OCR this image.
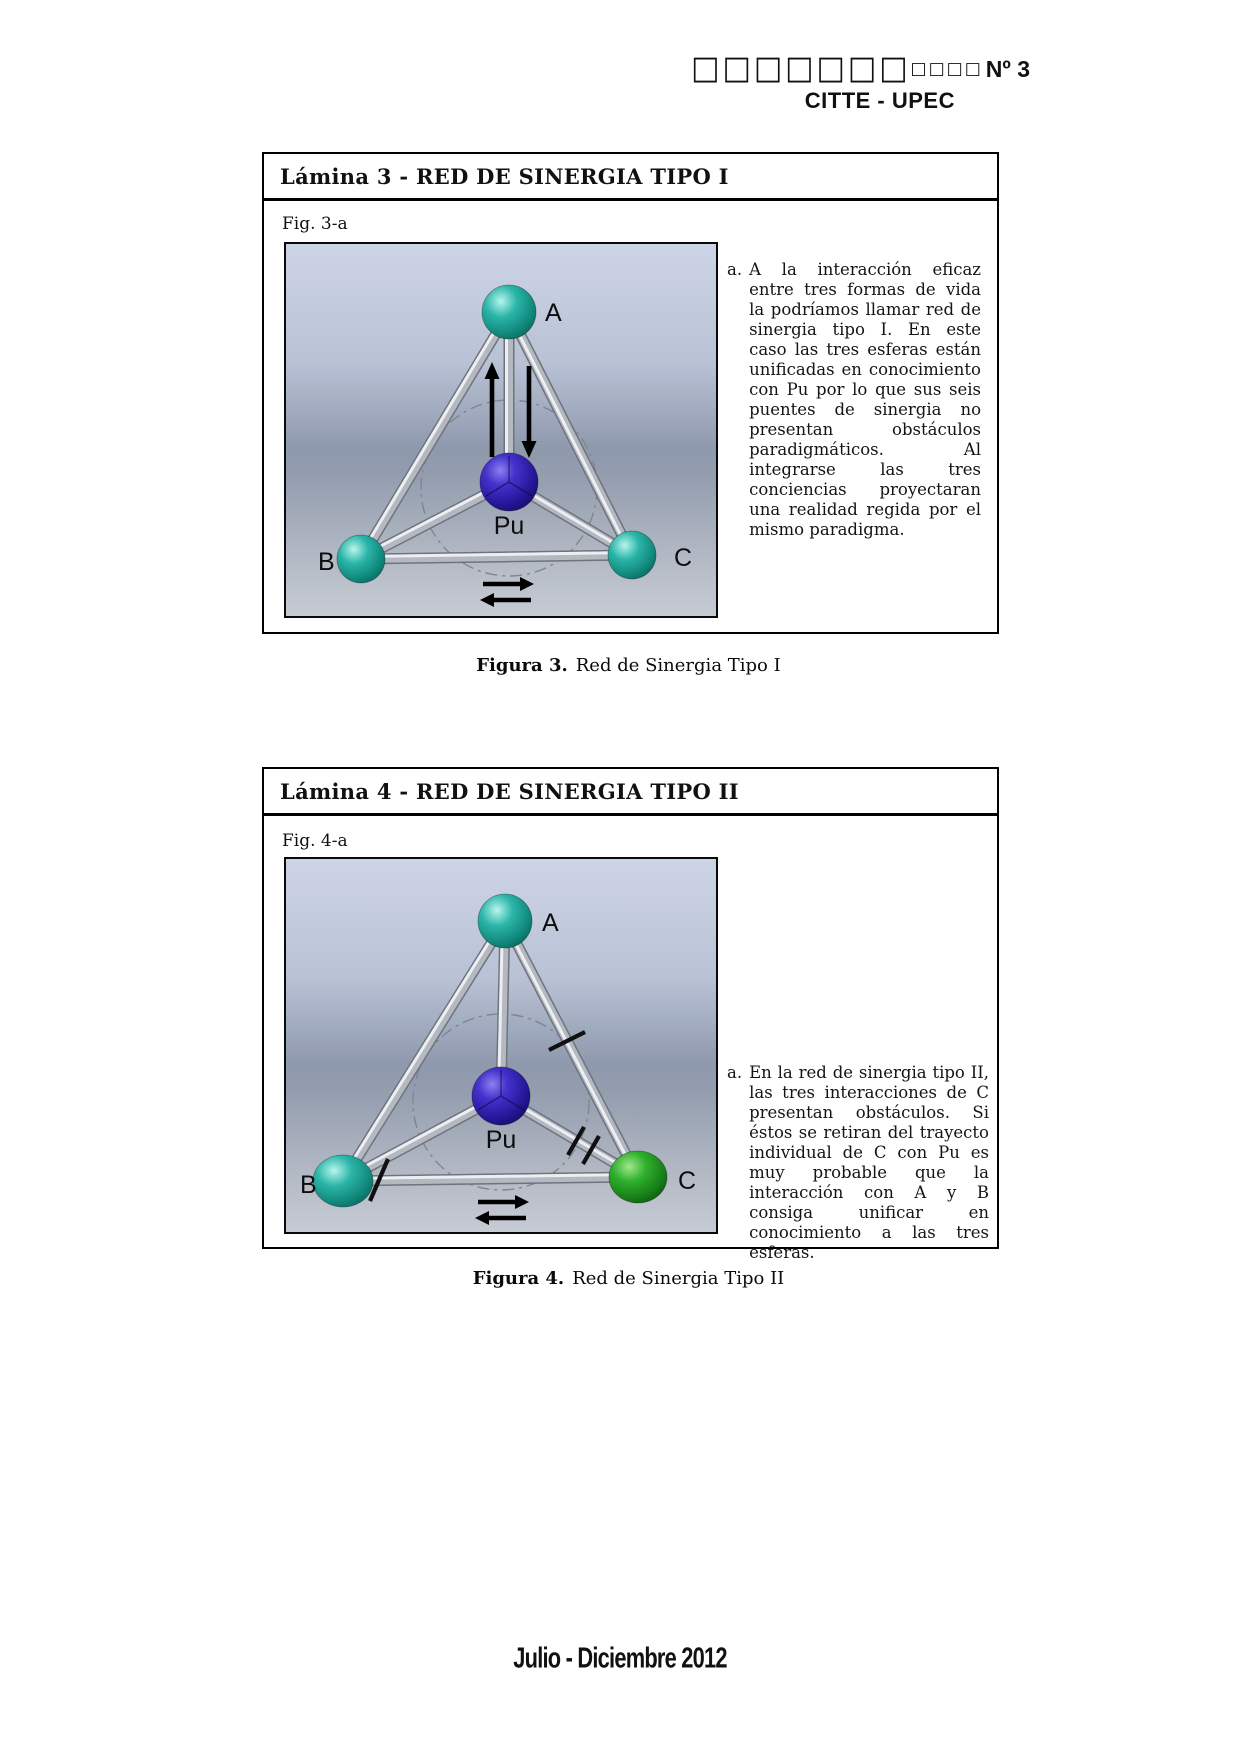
□□□□□□□ □□□□ Nº 3
CITTE - UPEC
Lámina 3 - RED DE SINERGIA TIPO I
Fig. 3-a
A
B	C
Pu
a. A la interacción eficaz entre tres formas de vida la podríamos llamar red de sinergia tipo I. En este caso las tres esferas están unificadas en conocimiento con Pu por lo que sus seis puentes de sinergia no presentan obstáculos paradigmáticos. Al integrarse las tres conciencias proyectaran una realidad regida por el mismo paradigma.
Figura 3. Red de Sinergia Tipo I
Lámina 4 - RED DE SINERGIA TIPO II
Fig. 4-a
A
B	C
Pu
a. En la red de sinergia tipo II, las tres interacciones de C presentan obstáculos. Si éstos se retiran del trayecto individual de C con Pu es muy probable que la interacción con A y B consiga unificar en conocimiento a las tres esferas.
Figura 4. Red de Sinergia Tipo II
Julio - Diciembre 2012
